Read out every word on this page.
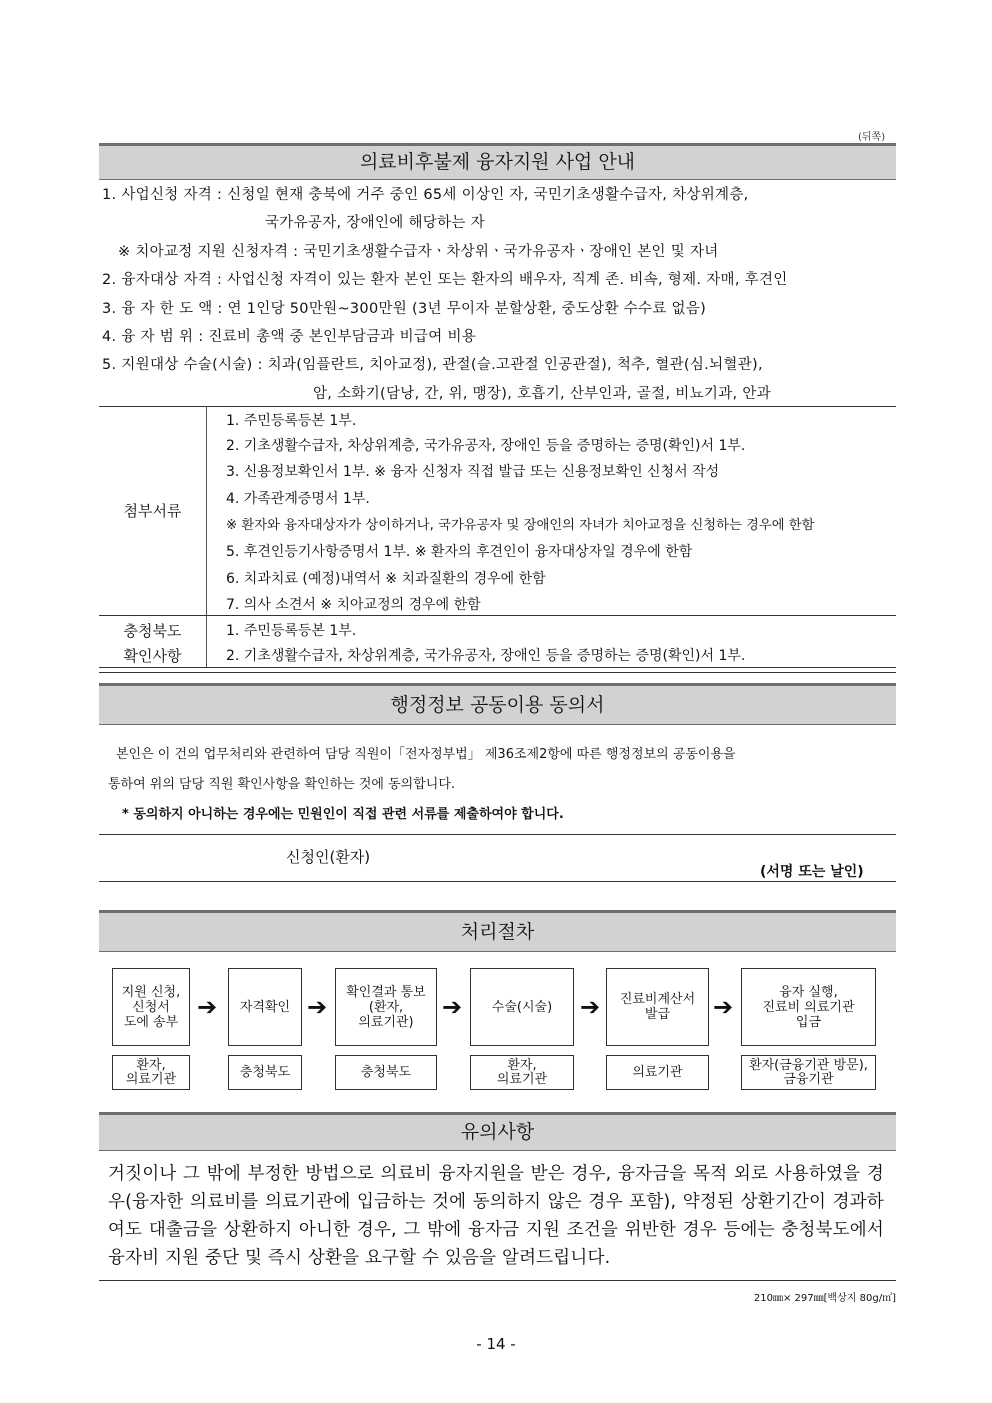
(뒤쪽)
의료비후불제 융자지원 사업 안내
1. 사업신청 자격 : 신청일 현재 충북에 거주 중인 65세 이상인 자, 국민기초생활수급자, 차상위계층,
국가유공자, 장애인에 해당하는 자
※ 치아교정 지원 신청자격 : 국민기초생활수급자ㆍ차상위ㆍ국가유공자ㆍ장애인 본인 및 자녀
2. 융자대상 자격 : 사업신청 자격이 있는 환자 본인 또는 환자의 배우자, 직계 존. 비속, 형제. 자매, 후견인
3. 융 자 한 도 액 : 연 1인당 50만원~300만원 (3년 무이자 분할상환, 중도상환 수수료 없음)
4. 융 자 범 위 : 진료비 총액 중 본인부담금과 비급여 비용
5. 지원대상 수술(시술) : 치과(임플란트, 치아교정), 관절(슬.고관절 인공관절), 척추, 혈관(심.뇌혈관),
암, 소화기(담낭, 간, 위, 맹장), 호흡기, 산부인과, 골절, 비뇨기과, 안과
첨부서류
1. 주민등록등본 1부.
2. 기초생활수급자, 차상위계층, 국가유공자, 장애인 등을 증명하는 증명(확인)서 1부.
3. 신용정보확인서 1부. ※ 융자 신청자 직접 발급 또는 신용정보확인 신청서 작성
4. 가족관계증명서 1부.
※ 환자와 융자대상자가 상이하거나, 국가유공자 및 장애인의 자녀가 치아교정을 신청하는 경우에 한함
5. 후견인등기사항증명서 1부. ※ 환자의 후견인이 융자대상자일 경우에 한함
6. 치과치료 (예정)내역서 ※ 치과질환의 경우에 한함
7. 의사 소견서 ※ 치아교정의 경우에 한함
충청북도
확인사항
1. 주민등록등본 1부.
2. 기초생활수급자, 차상위계층, 국가유공자, 장애인 등을 증명하는 증명(확인)서 1부.
행정정보 공동이용 동의서
본인은 이 건의 업무처리와 관련하여 담당 직원이「전자정부법」 제36조제2항에 따른 행정정보의 공동이용을
통하여 위의 담당 직원 확인사항을 확인하는 것에 동의합니다.
* 동의하지 아니하는 경우에는 민원인이 직접 관련 서류를 제출하여야 합니다.
신청인(환자)
(서명 또는 날인)
처리절차
지원 신청,
신청서
도에 송부
➔ 자격확인 ➔
확인결과 통보
(환자,
의료기관)
➔ 수술(시술) ➔ 진료비계산서
발급	➔
융자 실행,
진료비 의료기관
입금
환자,
의료기관	충청북도	충청북도	환자,
의료기관	의료기관	환자(금융기관 방문),
금융기관
유의사항
거짓이나 그 밖에 부정한 방법으로 의료비 융자지원을 받은 경우, 융자금을 목적 외로 사용하였을 경우(융자한 의료비를 의료기관에 입금하는 것에 동의하지 않은 경우 포함), 약정된 상환기간이 경과하여도 대출금을 상환하지 아니한 경우, 그 밖에 융자금 지원 조건을 위반한 경우 등에는 충청북도에서 융자비 지원 중단 및 즉시 상환을 요구할 수 있음을 알려드립니다.
210㎜× 297㎜[백상지 80g/㎡]
- 14 -
